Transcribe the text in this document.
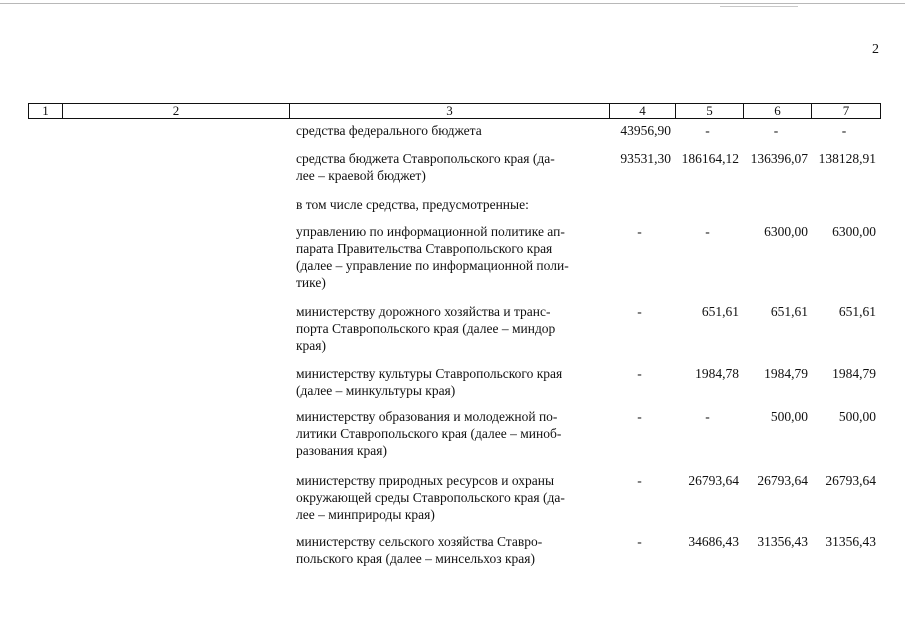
2
1	2	3	4	5	6	7
средства федерального бюджета	43956,90	-	-	-
средства бюджета Ставропольского края (да-
лее – краевой бюджет)
93531,30 186164,12 136396,07 138128,91
в том числе средства, предусмотренные:
управлению по информационной политике ап-
парата Правительства Ставропольского края
(далее – управление по информационной поли-
тике)
-	-	6300,00	6300,00
министерству дорожного хозяйства и транс-
порта Ставропольского края (далее – миндор
края)
-	651,61	651,61	651,61
министерству культуры Ставропольского края
(далее – минкультуры края)
-	1984,78	1984,79	1984,79
министерству образования и молодежной по-
литики Ставропольского края (далее – миноб-
разования края)
-	-	500,00	500,00
министерству природных ресурсов и охраны
окружающей среды Ставропольского края (да-
лее – минприроды края)
-	26793,64	26793,64	26793,64
министерству сельского хозяйства Ставро-
польского края (далее – минсельхоз края)
-	34686,43	31356,43	31356,43
